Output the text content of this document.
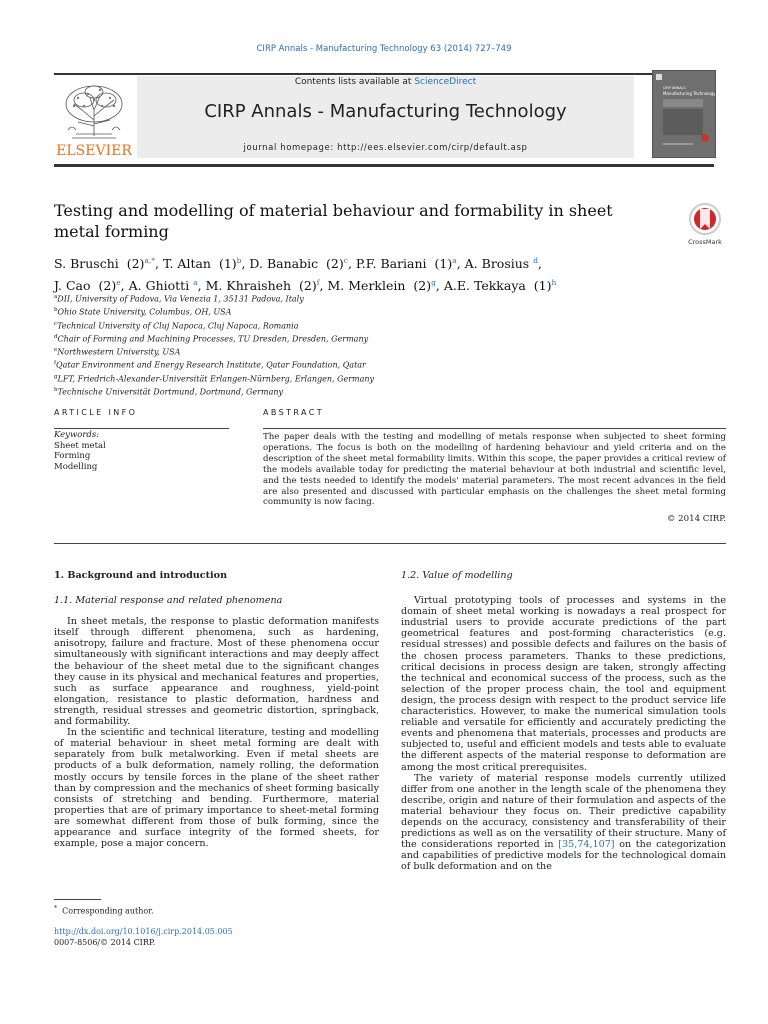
CIRP Annals - Manufacturing Technology 63 (2014) 727–749
ELSEVIER
Contents lists available at ScienceDirect
CIRP Annals - Manufacturing Technology
journal homepage: http://ees.elsevier.com/cirp/default.asp
CIRP ANNALS
Manufacturing Technology
Testing and modelling of material behaviour and formability in sheet metal forming
CrossMark
S. Bruschi $(2)^{a,*}$, T. Altan $(1)^b$, D. Banabic $(2)^c$, P.F. Bariani $(1)^a$, A. Brosius $^d$,
J. Cao $(2)^e$, A. Ghiotti $^a$, M. Khraisheh $(2)^f$, M. Merklein $(2)^g$, A.E. Tekkaya $(1)^h$
$^a$DII, University of Padova, Via Venezia 1, 35131 Padova, Italy
$^b$Ohio State University, Columbus, OH, USA
$^c$Technical University of Cluj Napoca, Cluj Napoca, Romania
$^d$Chair of Forming and Machining Processes, TU Dresden, Dresden, Germany
$^e$Northwestern University, USA
$^f$Qatar Environment and Energy Research Institute, Qatar Foundation, Qatar
$^g$LFT, Friedrich-Alexander-Universität Erlangen-Nürnberg, Erlangen, Germany
$^h$Technische Universität Dortmund, Dortmund, Germany
ARTICLE INFO
Keywords:
Sheet metal
Forming
Modelling
ABSTRACT
The paper deals with the testing and modelling of metals response when subjected to sheet forming operations. The focus is both on the modelling of hardening behaviour and yield criteria and on the description of the sheet metal formability limits. Within this scope, the paper provides a critical review of the models available today for predicting the material behaviour at both industrial and scientific level, and the tests needed to identify the models' material parameters. The most recent advances in the field are also presented and discussed with particular emphasis on the challenges the sheet metal forming community is now facing.
© 2014 CIRP.
1. Background and introduction
1.1. Material response and related phenomena

In sheet metals, the response to plastic deformation manifests itself through different phenomena, such as hardening, anisotropy, failure and fracture. Most of these phenomena occur simultaneously with significant interactions and may deeply affect the behaviour of the sheet metal due to the significant changes they cause in its physical and mechanical features and properties, such as surface appearance and roughness, yield-point elongation, resistance to plastic deformation, hardness and strength, residual stresses and geometric distortion, springback, and formability.

In the scientific and technical literature, testing and modelling of material behaviour in sheet metal forming are dealt with separately from bulk metalworking. Even if metal sheets are products of a bulk deformation, namely rolling, the deformation mostly occurs by tensile forces in the plane of the sheet rather than by compression and the mechanics of sheet forming basically consists of stretching and bending. Furthermore, material properties that are of primary importance to sheet-metal forming are somewhat different from those of bulk forming, since the appearance and surface integrity of the formed sheets, for example, pose a major concern.

1.2. Value of modelling

Virtual prototyping tools of processes and systems in the domain of sheet metal working is nowadays a real prospect for industrial users to provide accurate predictions of the part geometrical features and post-forming characteristics (e.g. residual stresses) and possible defects and failures on the basis of the chosen process parameters. Thanks to these predictions, critical decisions in process design are taken, strongly affecting the technical and economical success of the process, such as the selection of the proper process chain, the tool and equipment design, the process design with respect to the product service life characteristics. However, to make the numerical simulation tools reliable and versatile for efficiently and accurately predicting the events and phenomena that materials, processes and products are subjected to, useful and efficient models and tests able to evaluate the different aspects of the material response to deformation are among the most critical prerequisites.

The variety of material response models currently utilized differ from one another in the length scale of the phenomena they describe, origin and nature of their formulation and aspects of the material behaviour they focus on. Their predictive capability depends on the accuracy, consistency and transferability of their predictions as well as on the versatility of their structure. Many of the considerations reported in [35,74,107] on the categorization and capabilities of predictive models for the technological domain of bulk deformation and on the

* Corresponding author.
http://dx.doi.org/10.1016/j.cirp.2014.05.005
0007-8506/© 2014 CIRP.
